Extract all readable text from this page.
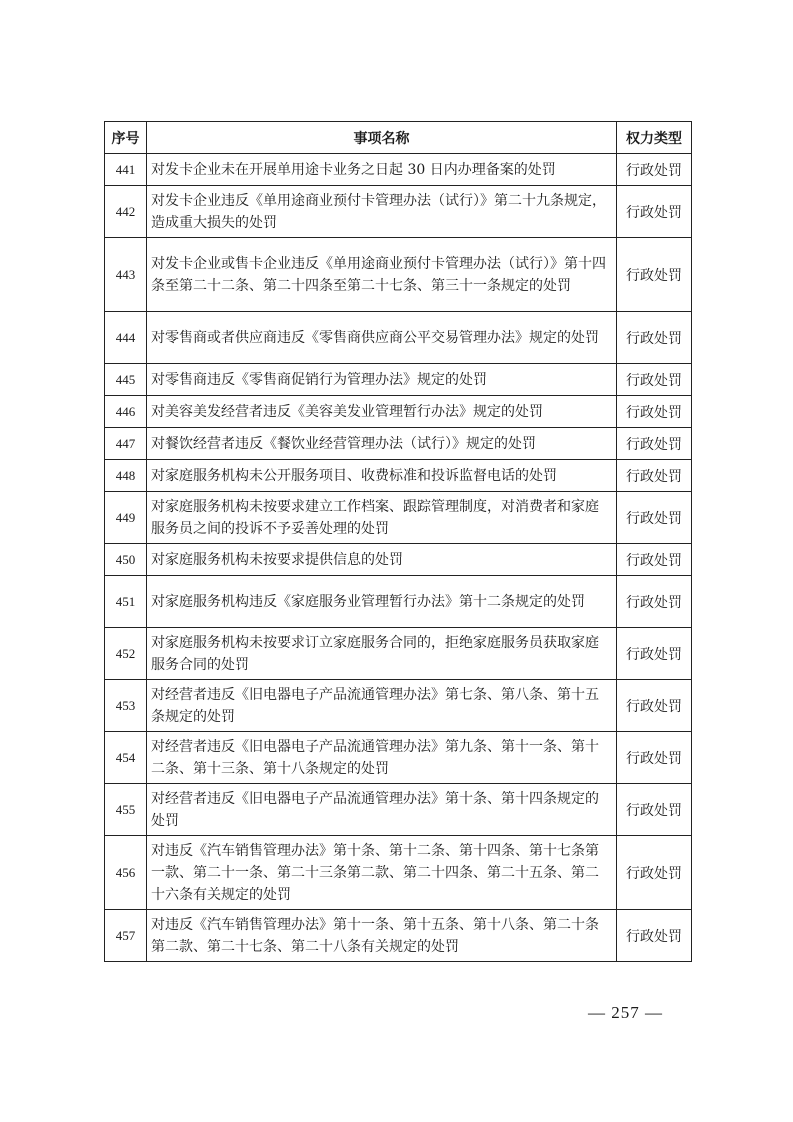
序号	事项名称	权力类型
441	对发卡企业未在开展单用途卡业务之日起 30 日内办理备案的处罚	行政处罚
442	对发卡企业违反《单用途商业预付卡管理办法（试行）》第二十九条规定，造成重大损失的处罚	行政处罚
443	对发卡企业或售卡企业违反《单用途商业预付卡管理办法（试行）》第十四条至第二十二条、第二十四条至第二十七条、第三十一条规定的处罚	行政处罚
444	对零售商或者供应商违反《零售商供应商公平交易管理办法》规定的处罚	行政处罚
445	对零售商违反《零售商促销行为管理办法》规定的处罚	行政处罚
446	对美容美发经营者违反《美容美发业管理暂行办法》规定的处罚	行政处罚
447	对餐饮经营者违反《餐饮业经营管理办法（试行）》规定的处罚	行政处罚
448	对家庭服务机构未公开服务项目、收费标准和投诉监督电话的处罚	行政处罚
449	对家庭服务机构未按要求建立工作档案、跟踪管理制度，对消费者和家庭服务员之间的投诉不予妥善处理的处罚	行政处罚
450	对家庭服务机构未按要求提供信息的处罚	行政处罚
451	对家庭服务机构违反《家庭服务业管理暂行办法》第十二条规定的处罚	行政处罚
452	对家庭服务机构未按要求订立家庭服务合同的，拒绝家庭服务员获取家庭服务合同的处罚	行政处罚
453	对经营者违反《旧电器电子产品流通管理办法》第七条、第八条、第十五条规定的处罚	行政处罚
454	对经营者违反《旧电器电子产品流通管理办法》第九条、第十一条、第十二条、第十三条、第十八条规定的处罚	行政处罚
455	对经营者违反《旧电器电子产品流通管理办法》第十条、第十四条规定的处罚	行政处罚
456	对违反《汽车销售管理办法》第十条、第十二条、第十四条、第十七条第一款、第二十一条、第二十三条第二款、第二十四条、第二十五条、第二十六条有关规定的处罚	行政处罚
457	对违反《汽车销售管理办法》第十一条、第十五条、第十八条、第二十条第二款、第二十七条、第二十八条有关规定的处罚	行政处罚
— 257 —
